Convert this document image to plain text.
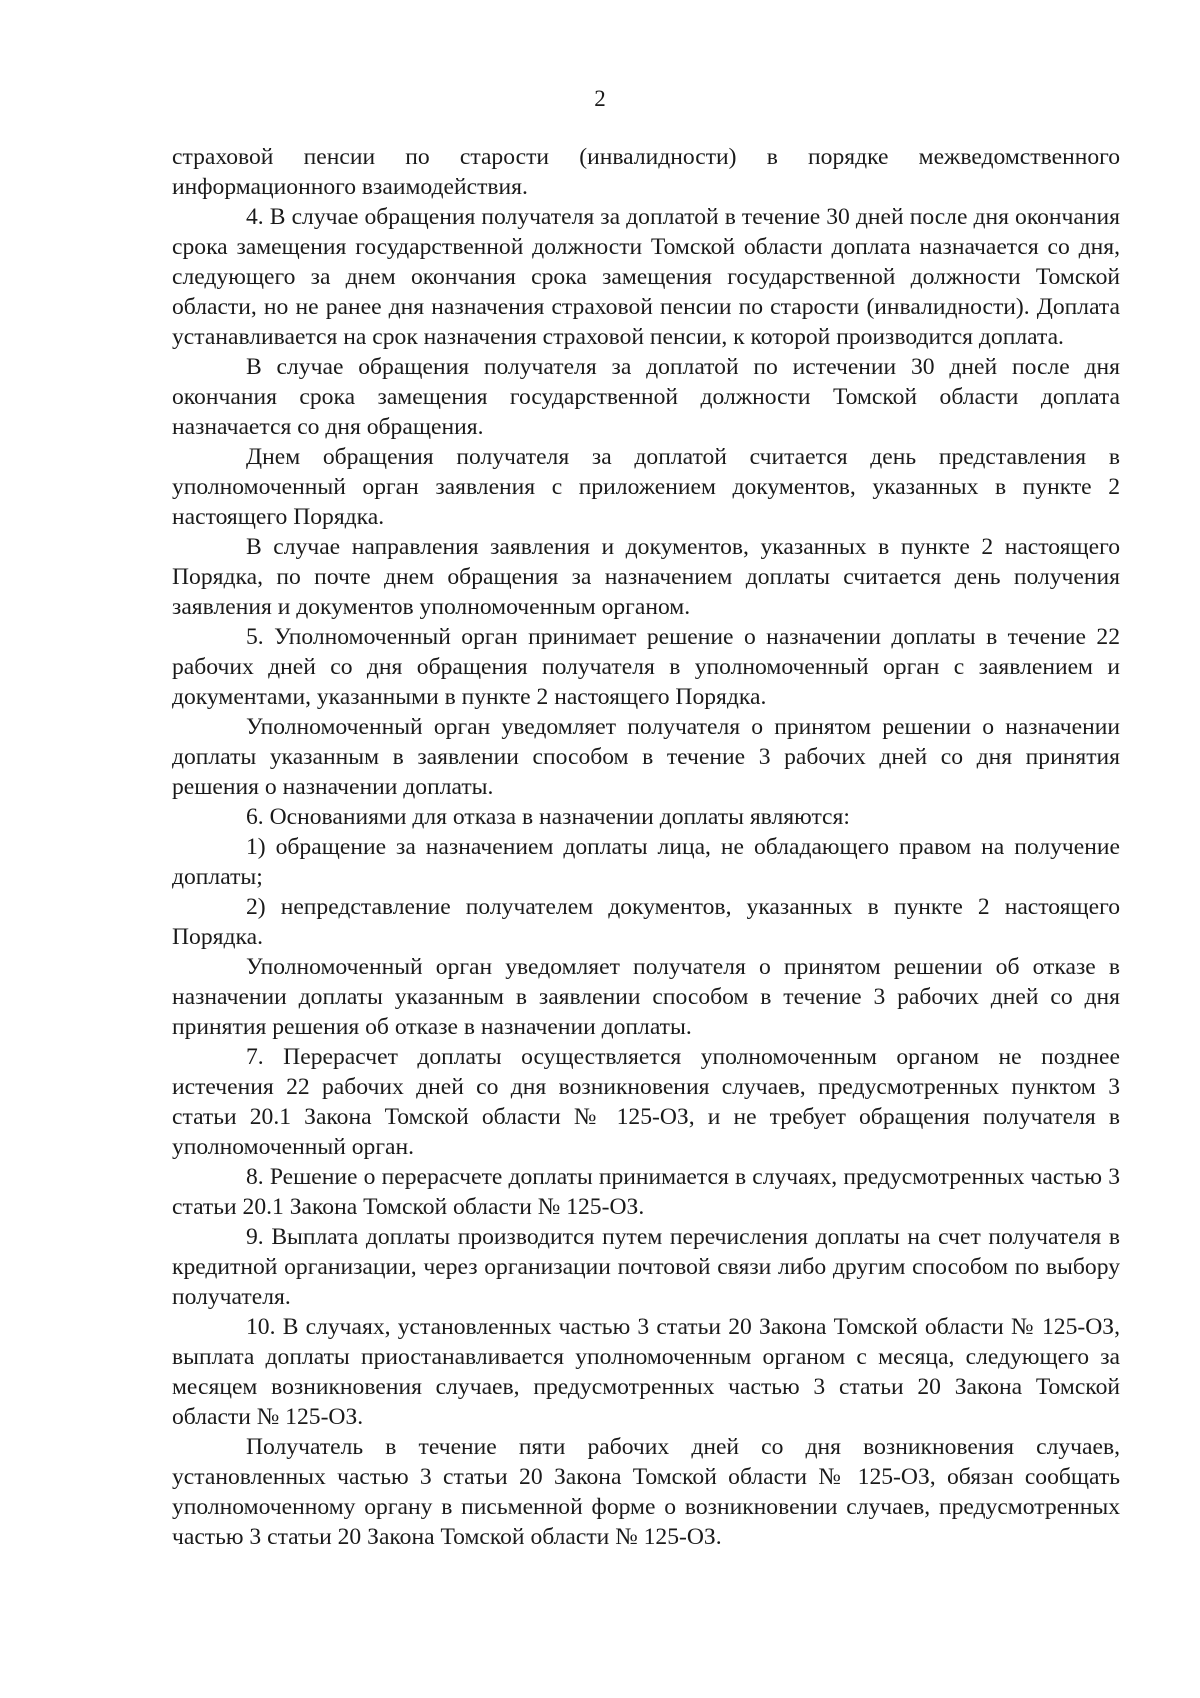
2

страховой пенсии по старости (инвалидности) в порядке межведомственного информационного взаимодействия.

4. В случае обращения получателя за доплатой в течение 30 дней после дня окончания срока замещения государственной должности Томской области доплата назначается со дня, следующего за днем окончания срока замещения государственной должности Томской области, но не ранее дня назначения страховой пенсии по старости (инвалидности). Доплата устанавливается на срок назначения страховой пенсии, к которой производится доплата.

В случае обращения получателя за доплатой по истечении 30 дней после дня окончания срока замещения государственной должности Томской области доплата назначается со дня обращения.

Днем обращения получателя за доплатой считается день представления в уполномоченный орган заявления с приложением документов, указанных в пункте 2 настоящего Порядка.

В случае направления заявления и документов, указанных в пункте 2 настоящего Порядка, по почте днем обращения за назначением доплаты считается день получения заявления и документов уполномоченным органом.

5. Уполномоченный орган принимает решение о назначении доплаты в течение 22 рабочих дней со дня обращения получателя в уполномоченный орган с заявлением и документами, указанными в пункте 2 настоящего Порядка.

Уполномоченный орган уведомляет получателя о принятом решении о назначении доплаты указанным в заявлении способом в течение 3 рабочих дней со дня принятия решения о назначении доплаты.

6. Основаниями для отказа в назначении доплаты являются:

1) обращение за назначением доплаты лица, не обладающего правом на получение доплаты;

2) непредставление получателем документов, указанных в пункте 2 настоящего Порядка.

Уполномоченный орган уведомляет получателя о принятом решении об отказе в назначении доплаты указанным в заявлении способом в течение 3 рабочих дней со дня принятия решения об отказе в назначении доплаты.

7. Перерасчет доплаты осуществляется уполномоченным органом не позднее истечения 22 рабочих дней со дня возникновения случаев, предусмотренных пунктом 3 статьи 20.1 Закона Томской области № 125-ОЗ, и не требует обращения получателя в уполномоченный орган.

8. Решение о перерасчете доплаты принимается в случаях, предусмотренных частью 3 статьи 20.1 Закона Томской области № 125-ОЗ.

9. Выплата доплаты производится путем перечисления доплаты на счет получателя в кредитной организации, через организации почтовой связи либо другим способом по выбору получателя.

10. В случаях, установленных частью 3 статьи 20 Закона Томской области № 125-ОЗ, выплата доплаты приостанавливается уполномоченным органом с месяца, следующего за месяцем возникновения случаев, предусмотренных частью 3 статьи 20 Закона Томской области № 125-ОЗ.

Получатель в течение пяти рабочих дней со дня возникновения случаев, установленных частью 3 статьи 20 Закона Томской области № 125-ОЗ, обязан сообщать уполномоченному органу в письменной форме о возникновении случаев, предусмотренных частью 3 статьи 20 Закона Томской области № 125-ОЗ.
